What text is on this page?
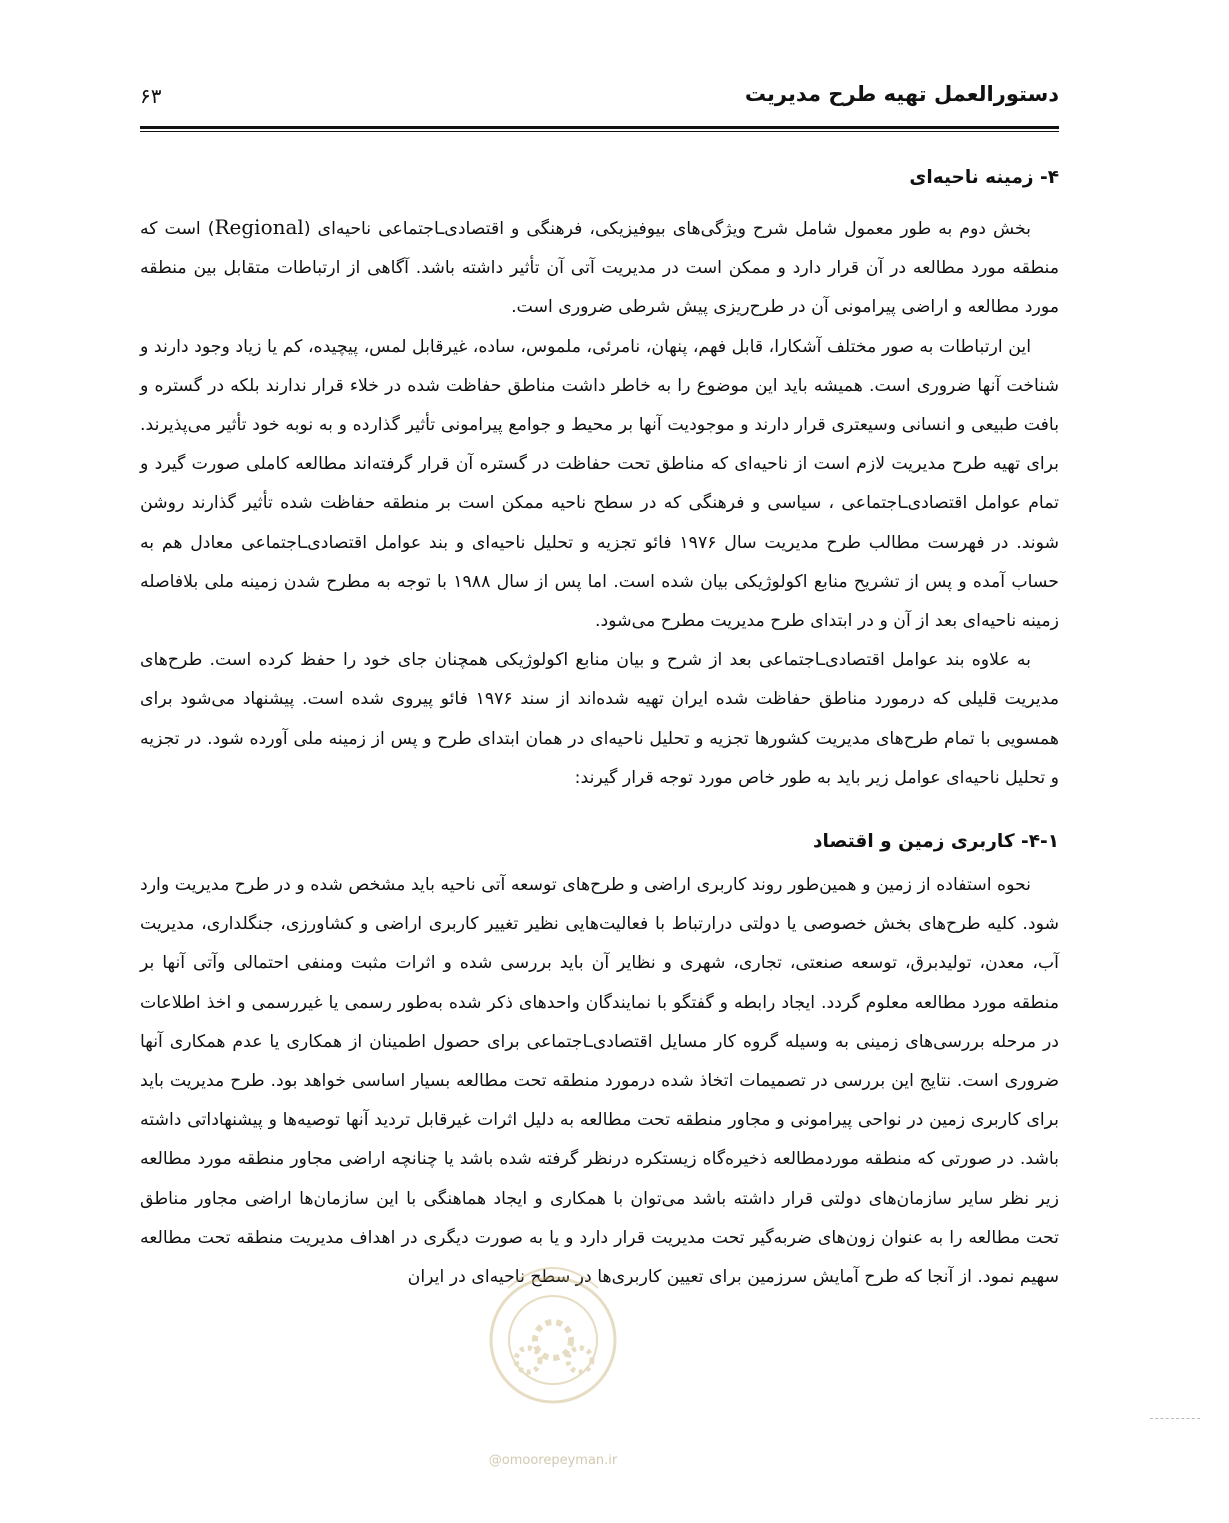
دستورالعمل تهیه طرح مدیریت
۶۳
۴- زمینه ناحیه‌ای

بخش دوم به طور معمول شامل شرح ویژگی‌های بیوفیزیکی، فرهنگی و اقتصادی‌ـاجتماعی ناحیه‌ای (Regional) است که منطقه مورد مطالعه در آن قرار دارد و ممکن است در مدیریت آتی آن تأثیر داشته باشد. آگاهی از ارتباطات متقابل بین منطقه مورد مطالعه و اراضی پیرامونی آن در طرح‌ریزی پیش شرطی ضروری است.

این ارتباطات به صور مختلف آشکارا، قابل فهم، پنهان، نامرئی، ملموس، ساده، غیرقابل لمس، پیچیده، کم یا زیاد وجود دارند و شناخت آنها ضروری است. همیشه باید این موضوع را به خاطر داشت مناطق حفاظت شده در خلاء قرار ندارند بلکه در گستره و بافت طبیعی و انسانی وسیعتری قرار دارند و موجودیت آنها بر محیط و جوامع پیرامونی تأثیر گذارده و به نوبه خود تأثیر می‌پذیرند. برای تهیه طرح مدیریت لازم است از ناحیه‌ای که مناطق تحت حفاظت در گستره آن قرار گرفته‌اند مطالعه کاملی صورت گیرد و تمام عوامل اقتصادی‌ـاجتماعی ، سیاسی و فرهنگی که در سطح ناحیه ممکن است بر منطقه حفاظت شده تأثیر گذارند روشن شوند. در فهرست مطالب طرح مدیریت سال ۱۹۷۶ فائو تجزیه و تحلیل ناحیه‌ای و بند عوامل اقتصادی‌ـاجتماعی معادل هم به حساب آمده و پس از تشریح منابع اکولوژیکی بیان شده است. اما پس از سال ۱۹۸۸ با توجه به مطرح شدن زمینه ملی بلافاصله زمینه ناحیه‌ای بعد از آن و در ابتدای طرح مدیریت مطرح می‌شود.

به علاوه بند عوامل اقتصادی‌ـاجتماعی بعد از شرح و بیان منابع اکولوژیکی همچنان جای خود را حفظ کرده است. طرح‌های مدیریت قلیلی که درمورد مناطق حفاظت شده ایران تهیه شده‌اند از سند ۱۹۷۶ فائو پیروی شده است. پیشنهاد می‌شود برای همسویی با تمام طرح‌های مدیریت کشورها تجزیه و تحلیل ناحیه‌ای در همان ابتدای طرح و پس از زمینه ملی آورده شود. در تجزیه و تحلیل ناحیه‌ای عوامل زیر باید به طور خاص مورد توجه قرار گیرند:

۴-۱- کاربری زمین و اقتصاد

نحوه استفاده از زمین و همین‌طور روند کاربری اراضی و طرح‌های توسعه آتی ناحیه باید مشخص شده و در طرح مدیریت وارد شود. کلیه طرح‌های بخش خصوصی یا دولتی درارتباط با فعالیت‌هایی نظیر تغییر کاربری اراضی و کشاورزی، جنگلداری، مدیریت آب، معدن، تولیدبرق، توسعه صنعتی، تجاری، شهری و نظایر آن باید بررسی شده و اثرات مثبت ومنفی احتمالی وآتی آنها بر منطقه مورد مطالعه معلوم گردد. ایجاد رابطه و گفتگو با نمایندگان واحدهای ذکر شده به‌طور رسمی یا غیررسمی و اخذ اطلاعات در مرحله بررسی‌های زمینی به وسیله گروه کار مسایل اقتصادی‌ـاجتماعی برای حصول اطمینان از همکاری یا عدم همکاری آنها ضروری است. نتایج این بررسی در تصمیمات اتخاذ شده درمورد منطقه تحت مطالعه بسیار اساسی خواهد بود. طرح مدیریت باید برای کاربری زمین در نواحی پیرامونی و مجاور منطقه تحت مطالعه به دلیل اثرات غیرقابل تردید آنها توصیه‌ها و پیشنهاداتی داشته باشد. در صورتی که منطقه موردمطالعه ذخیره‌گاه زیستکره درنظر گرفته شده باشد یا چنانچه اراضی مجاور منطقه مورد مطالعه زیر نظر سایر سازمان‌های دولتی قرار داشته باشد می‌توان با همکاری و ایجاد هماهنگی با این سازمان‌ها اراضی مجاور مناطق تحت مطالعه را به عنوان زون‌های ضربه‌گیر تحت مدیریت قرار دارد و یا به صورت دیگری در اهداف مدیریت منطقه تحت مطالعه سهیم نمود. از آنجا که طرح آمایش سرزمین برای تعیین کاربری‌ها در سطح ناحیه‌ای در ایران

@omoorepeyman.ir
